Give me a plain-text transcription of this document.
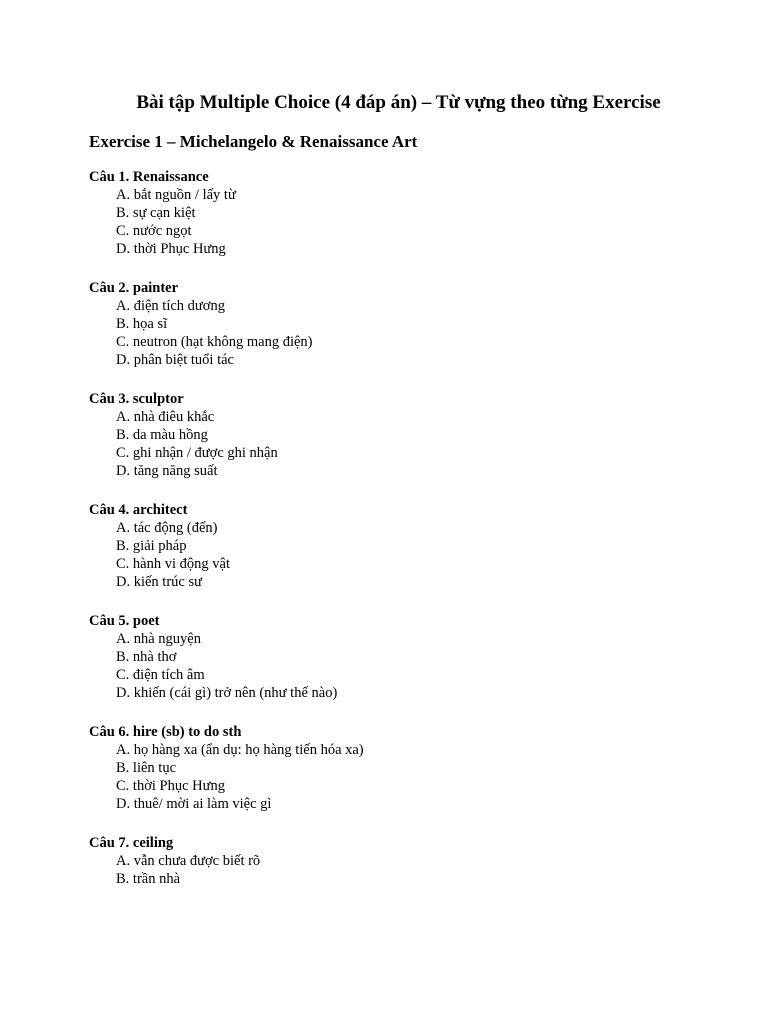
Bài tập Multiple Choice (4 đáp án) – Từ vựng theo từng Exercise
Exercise 1 – Michelangelo & Renaissance Art

Câu 1. Renaissance

A. bắt nguồn / lấy từ
B. sự cạn kiệt
C. nước ngọt
D. thời Phục Hưng

Câu 2. painter

A. điện tích dương
B. họa sĩ
C. neutron (hạt không mang điện)
D. phân biệt tuổi tác

Câu 3. sculptor

A. nhà điêu khắc
B. da màu hồng
C. ghi nhận / được ghi nhận
D. tăng năng suất

Câu 4. architect

A. tác động (đến)
B. giải pháp
C. hành vi động vật
D. kiến trúc sư

Câu 5. poet

A. nhà nguyện
B. nhà thơ
C. điện tích âm
D. khiến (cái gì) trở nên (như thế nào)

Câu 6. hire (sb) to do sth

A. họ hàng xa (ẩn dụ: họ hàng tiến hóa xa)
B. liên tục
C. thời Phục Hưng
D. thuê/ mời ai làm việc gì

Câu 7. ceiling

A. vẫn chưa được biết rõ
B. trần nhà
